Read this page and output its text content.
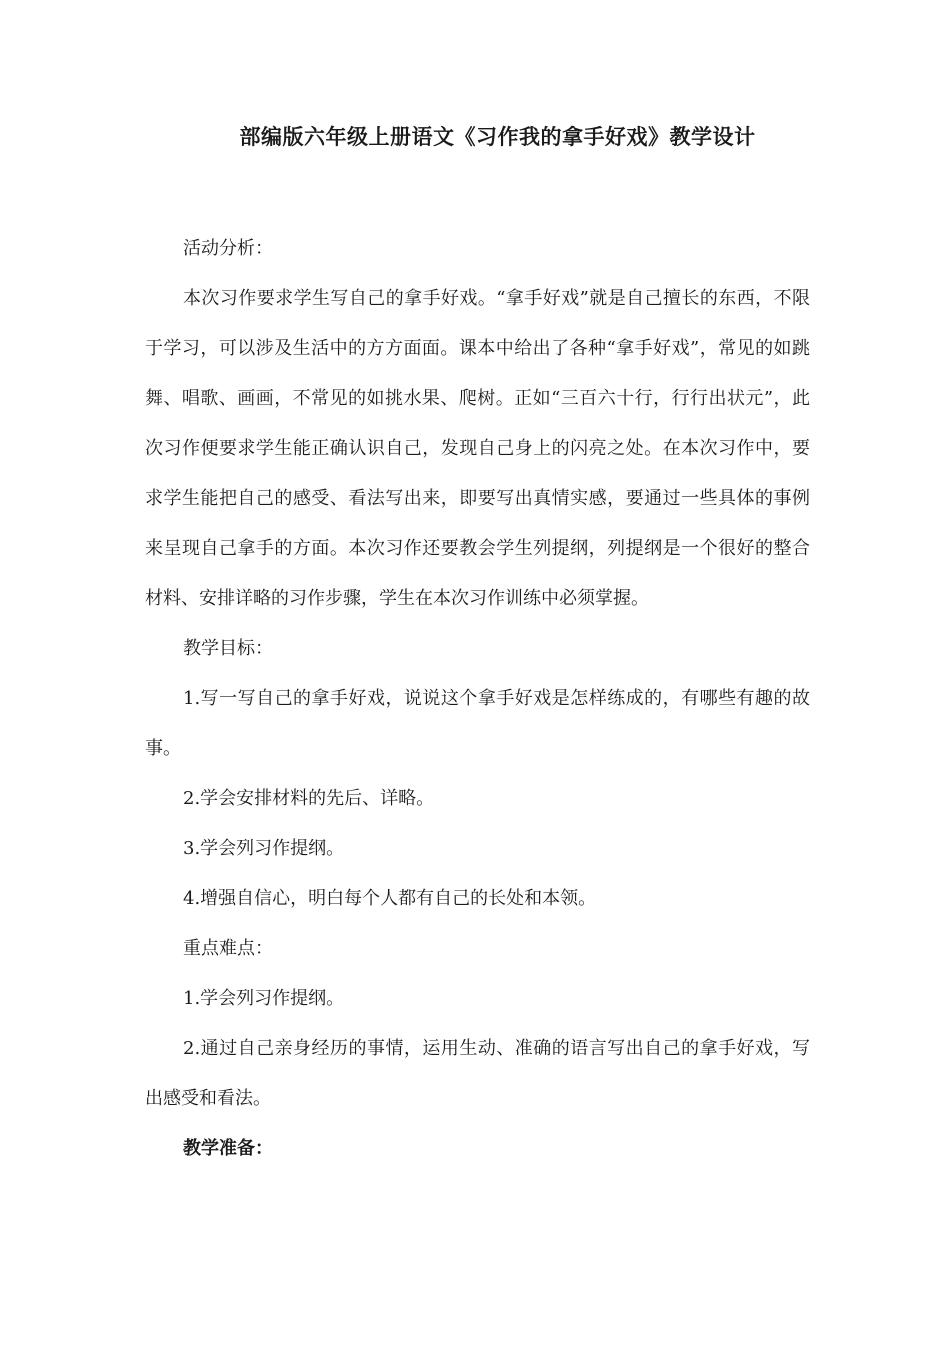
部编版六年级上册语文《习作我的拿手好戏》教学设计

活动分析：

本次习作要求学生写自己的拿手好戏。“拿手好戏”就是自己擅长的东西，不限于学习，可以涉及生活中的方方面面。课本中给出了各种“拿手好戏”，常见的如跳舞、唱歌、画画，不常见的如挑水果、爬树。正如“三百六十行，行行出状元”，此次习作便要求学生能正确认识自己，发现自己身上的闪亮之处。在本次习作中，要求学生能把自己的感受、看法写出来，即要写出真情实感，要通过一些具体的事例来呈现自己拿手的方面。本次习作还要教会学生列提纲，列提纲是一个很好的整合材料、安排详略的习作步骤，学生在本次习作训练中必须掌握。

教学目标：

1.写一写自己的拿手好戏，说说这个拿手好戏是怎样练成的，有哪些有趣的故事。

2.学会安排材料的先后、详略。

3.学会列习作提纲。

4.增强自信心，明白每个人都有自己的长处和本领。

重点难点：

1.学会列习作提纲。

2.通过自己亲身经历的事情，运用生动、准确的语言写出自己的拿手好戏，写出感受和看法。

教学准备：
